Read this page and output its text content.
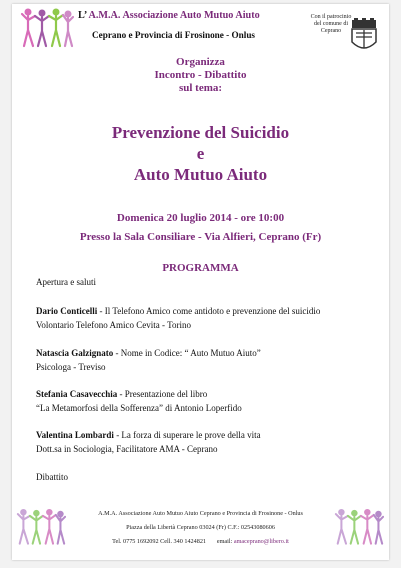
L’ A.M.A. Associazione Auto Mutuo Aiuto
Ceprano e Provincia di Frosinone - Onlus
Con il patrocinio del comune di Ceprano
Organizza
Incontro - Dibattito
sul tema:
Prevenzione del Suicidio
e
Auto Mutuo Aiuto
Domenica 20 luglio 2014 - ore 10:00
Presso la Sala Consiliare - Via Alfieri, Ceprano (Fr)
PROGRAMMA
Apertura e saluti
Dario Conticelli - Il Telefono Amico come antidoto e prevenzione del suicidio
Volontario Telefono Amico Cevita - Torino
Natascia Galzignato - Nome in Codice: “ Auto Mutuo Aiuto”
Psicologa - Treviso
Stefania Casavecchia - Presentazione del libro
“La Metamorfosi della Sofferenza” di Antonio Loperfido
Valentina Lombardi - La forza di superare le prove della vita
Dott.sa in Sociologia, Facilitatore AMA - Ceprano
Dibattito
A.M.A. Associazione Auto Mutuo Aiuto Ceprano e Provincia di Frosinone - Onlus
Piazza della Libertà Ceprano 03024 (Fr) C.F.: 02543080606
Tel. 0775 1692092 Cell. 340 1424821 email: amaceprano@libero.it
